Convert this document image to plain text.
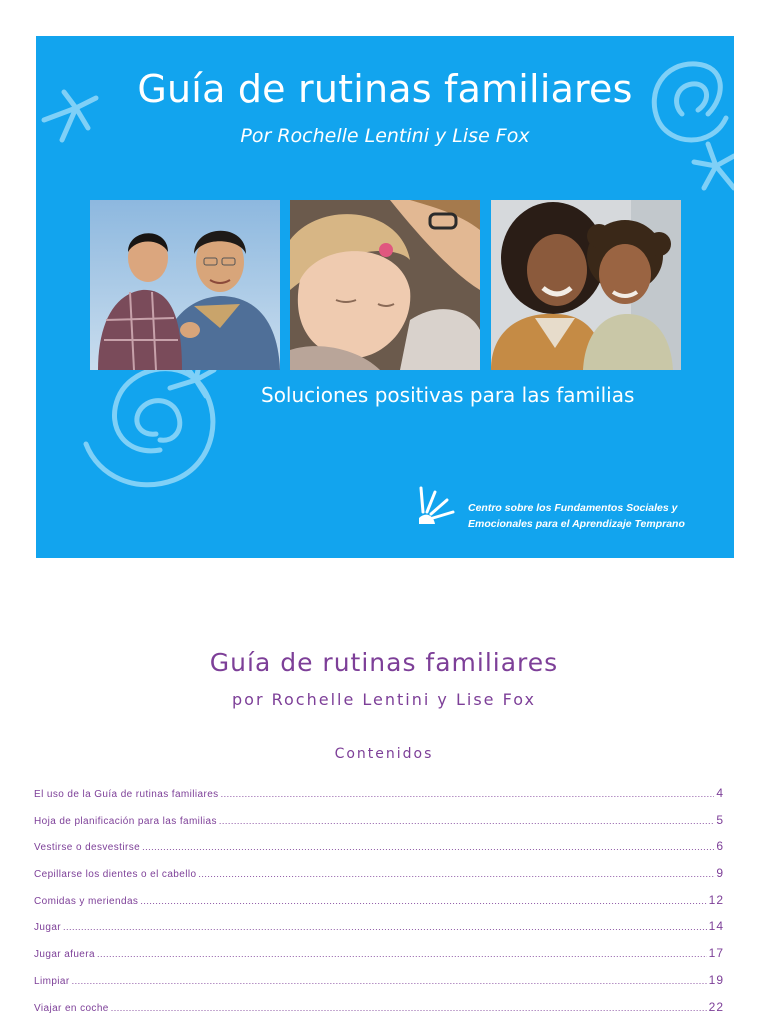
Guía de rutinas familiares
Por Rochelle Lentini y Lise Fox
Soluciones positivas para las familias
Centro sobre los Fundamentos Sociales y
Emocionales para el Aprendizaje Temprano
Guía de rutinas familiares
por Rochelle Lentini y Lise Fox
Contenidos
El uso de la Guía de rutinas familiares .....	4
Hoja de planificación para las familias .....	5
Vestirse o desvestirse .....	6
Cepillarse los dientes o el cabello .....	9
Comidas y meriendas .....	12
Jugar .....	14
Jugar afuera .....	17
Limpiar .....	19
Viajar en coche .....	22
